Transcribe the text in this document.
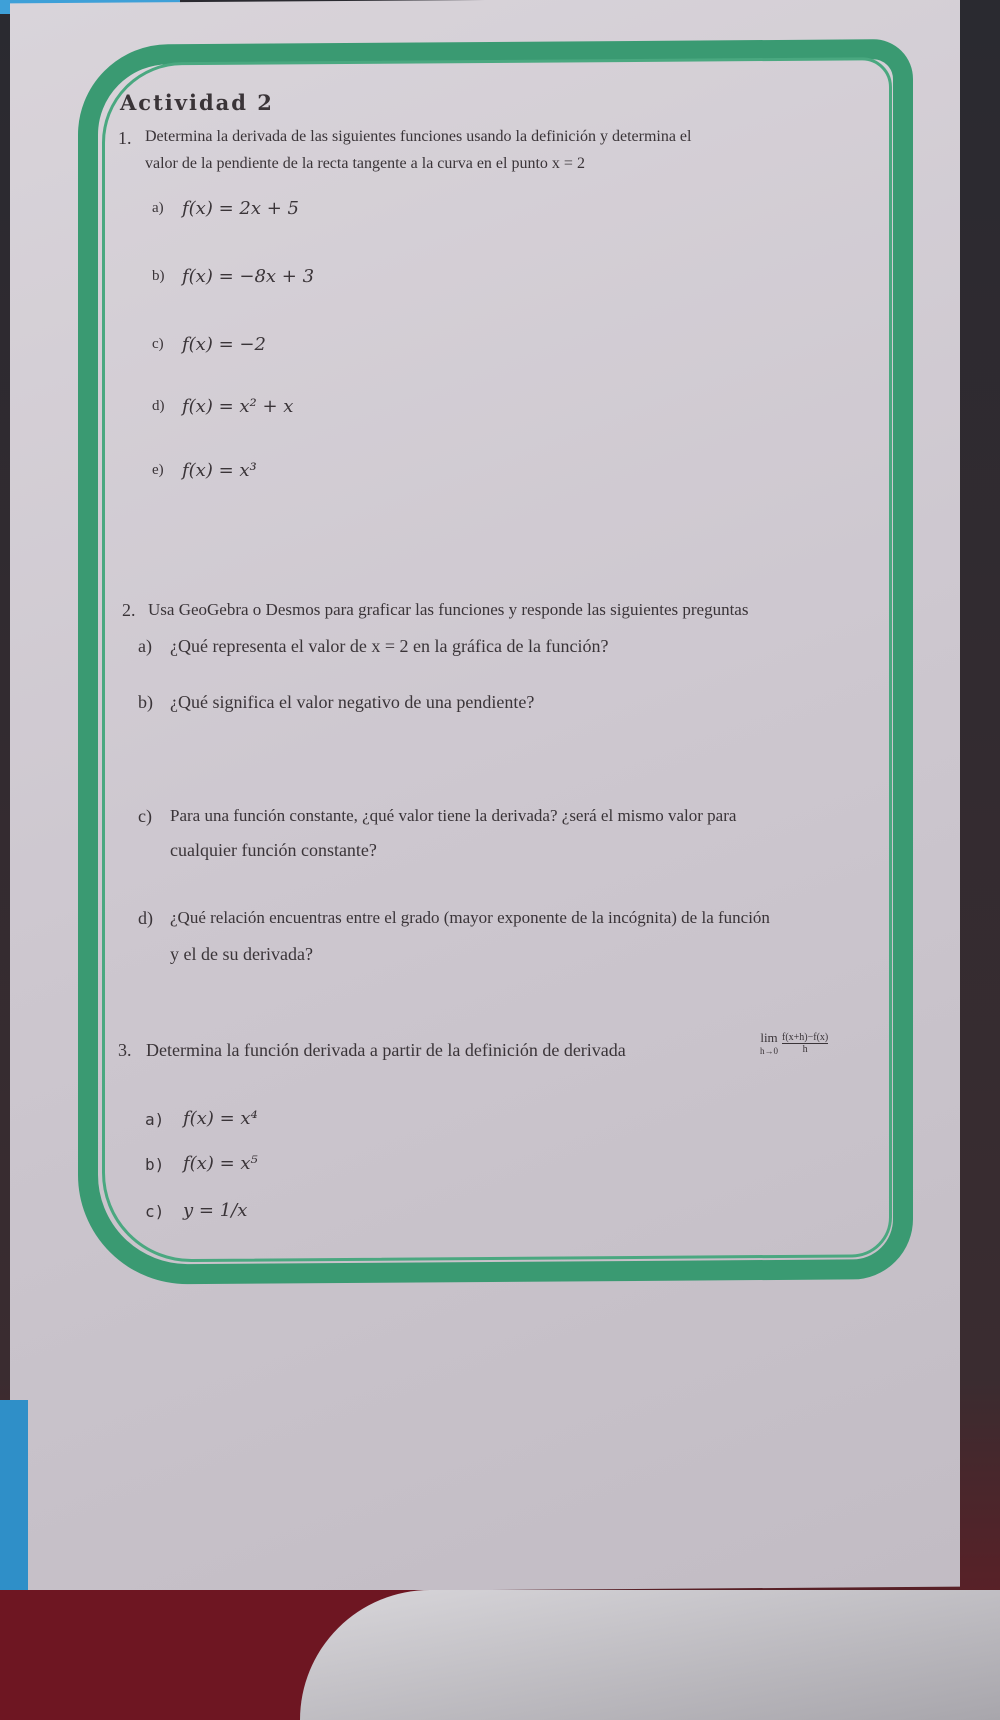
Actividad 2
1. Determina la derivada de las siguientes funciones usando la definición y determina el
valor de la pendiente de la recta tangente a la curva en el punto x = 2
a) f(x) = 2x + 5
b) f(x) = −8x + 3
c) f(x) = −2
d) f(x) = x² + x
e) f(x) = x³
2. Usa GeoGebra o Desmos para graficar las funciones y responde las siguientes preguntas
a) ¿Qué representa el valor de x = 2 en la gráfica de la función?
b) ¿Qué significa el valor negativo de una pendiente?
c) Para una función constante, ¿qué valor tiene la derivada? ¿será el mismo valor para
cualquier función constante?
d) ¿Qué relación encuentras entre el grado (mayor exponente de la incógnita) de la función
y el de su derivada?
3. Determina la función derivada a partir de la definición de derivada
lim
h→0
$\frac{f(x+h)-f(x)}{h}$
a) f(x) = x⁴
b) f(x) = x⁵
c) y = 1/x
